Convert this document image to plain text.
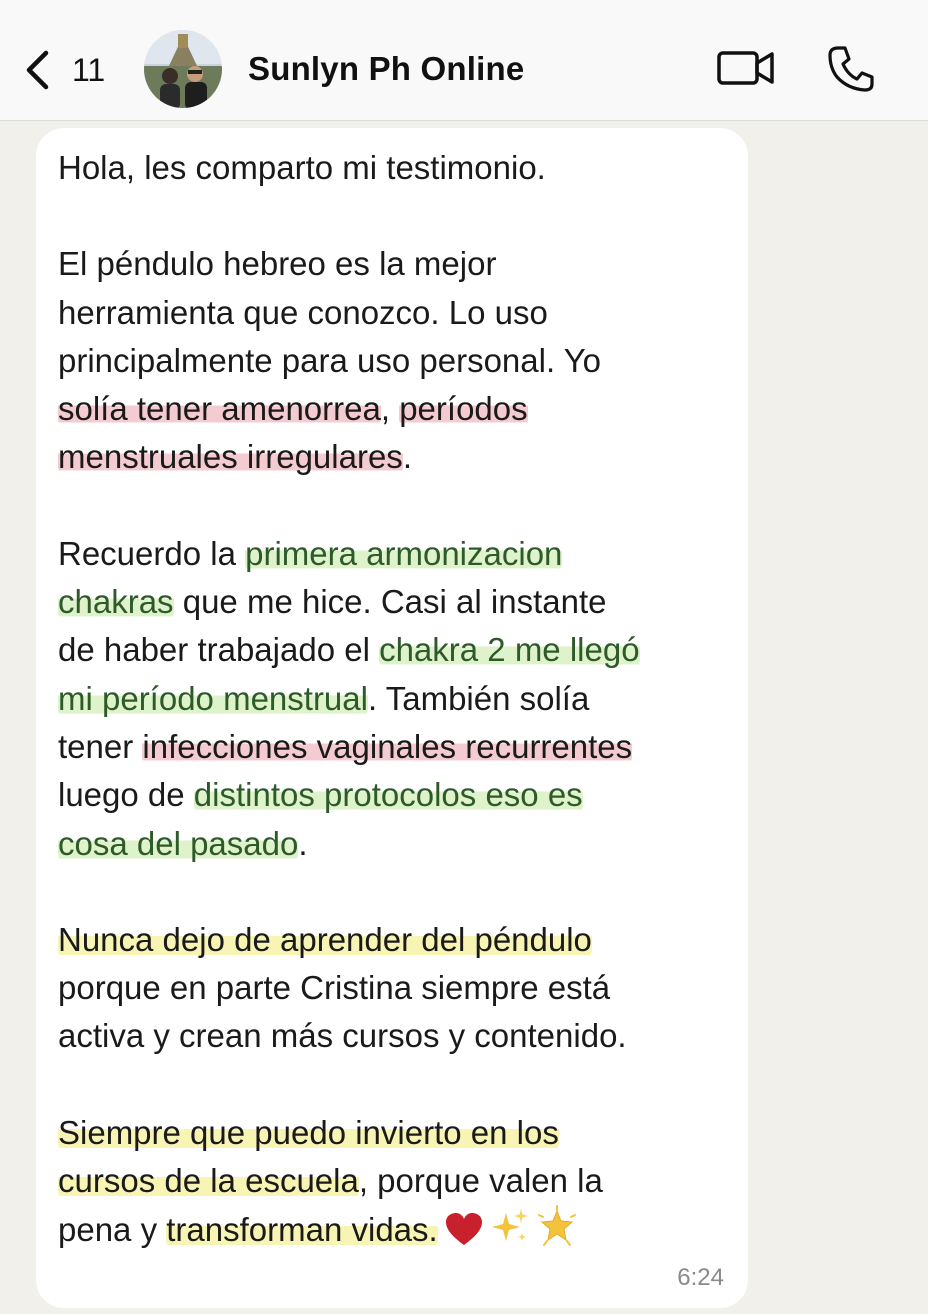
11	Sunlyn Ph Online

Hola, les comparto mi testimonio.

El péndulo hebreo es la mejor
herramienta que conozco. Lo uso
principalmente para uso personal. Yo
solía tener amenorrea, períodos
menstruales irregulares.

Recuerdo la primera armonizacion
chakras que me hice. Casi al instante
de haber trabajado el chakra 2 me llegó
mi período menstrual. También solía
tener infecciones vaginales recurrentes
luego de distintos protocolos eso es
cosa del pasado.

Nunca dejo de aprender del péndulo
porque en parte Cristina siempre está
activa y crean más cursos y contenido.

Siempre que puedo invierto en los
cursos de la escuela, porque valen la
pena y transforman vidas.

6:24
